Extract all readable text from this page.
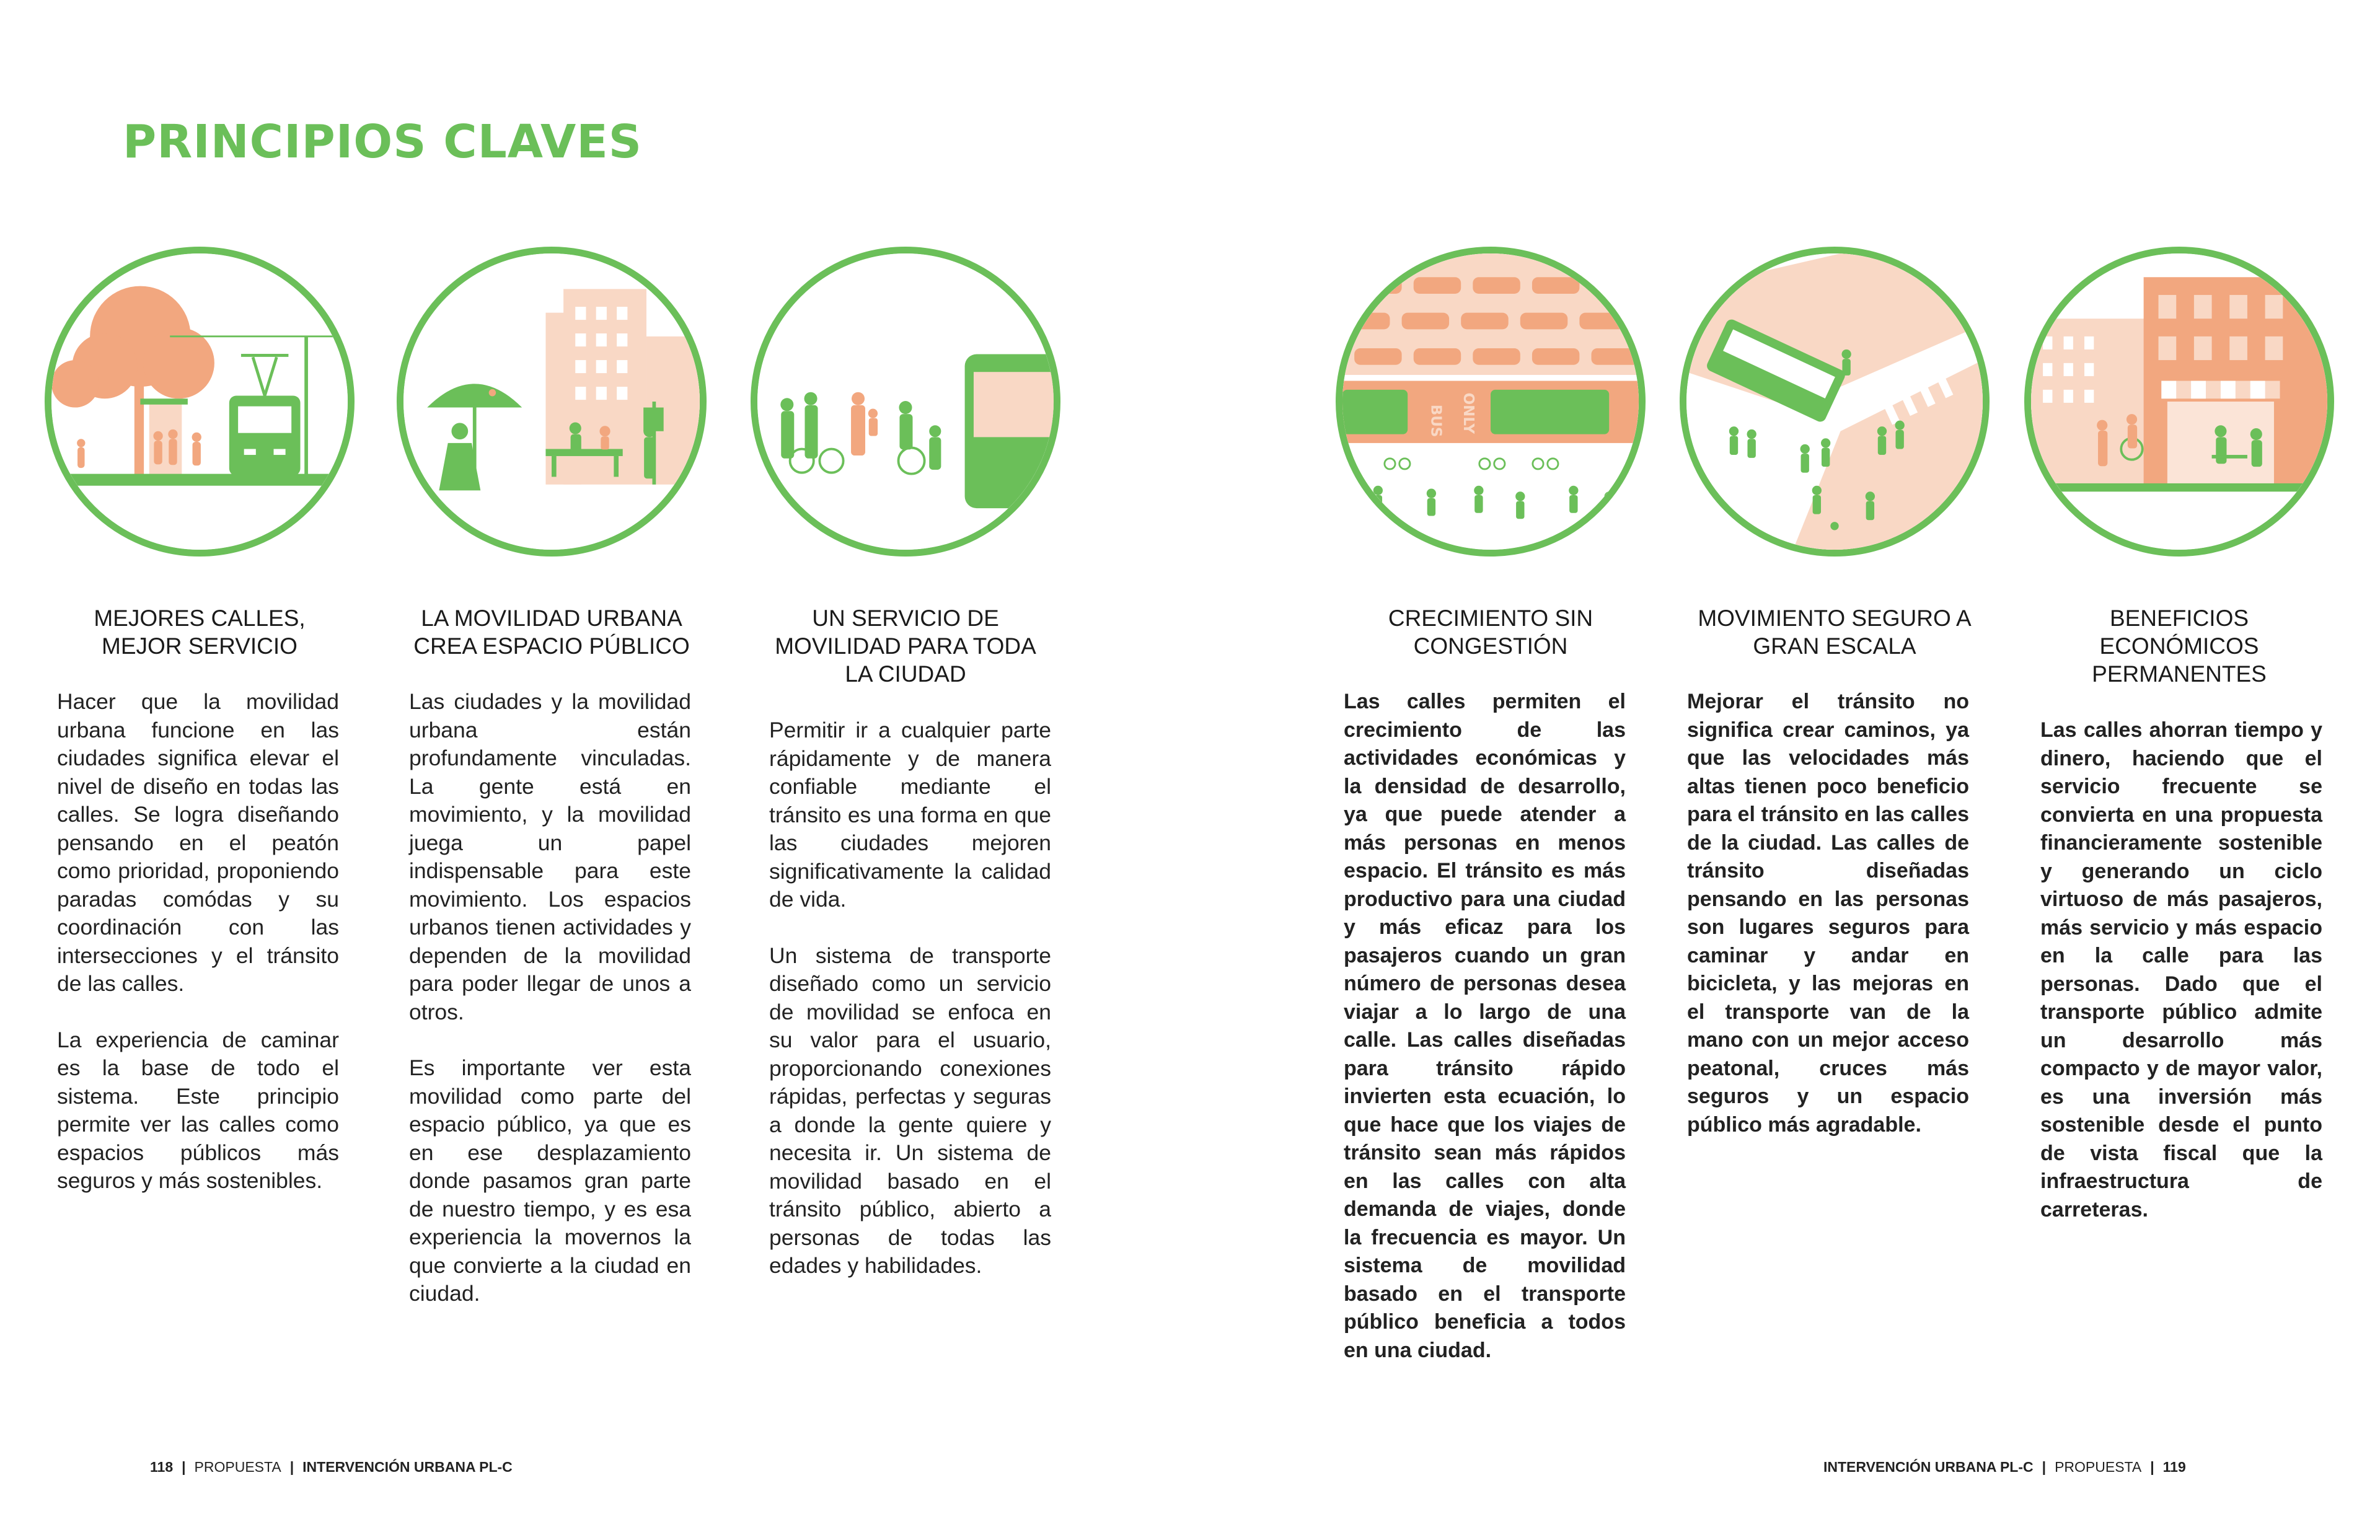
PRINCIPIOS CLAVES
BUS ONLY
MEJORES CALLES,
MEJOR SERVICIO
LA MOVILIDAD URBANA
CREA ESPACIO PÚBLICO
UN SERVICIO DE
MOVILIDAD PARA TODA
LA CIUDAD
CRECIMIENTO SIN
CONGESTIÓN
MOVIMIENTO SEGURO A
GRAN ESCALA
BENEFICIOS
ECONÓMICOS
PERMANENTES

Hacer que la movilidad urbana funcione en las ciudades significa elevar el nivel de diseño en todas las calles. Se logra diseñando pensando en el peatón como prioridad, proponiendo paradas comódas y su coordinación con las intersecciones y el tránsito de las calles.

La experiencia de caminar es la base de todo el sistema. Este principio permite ver las calles como espacios públicos más seguros y más sostenibles.

Las ciudades y la movilidad urbana están profundamente vinculadas. La gente está en movimiento, y la movilidad juega un papel indispensable para este movimiento. Los espacios urbanos tienen actividades y dependen de la movilidad para poder llegar de unos a otros.

Es importante ver esta movilidad como parte del espacio público, ya que es en ese desplazamiento donde pasamos gran parte de nuestro tiempo, y es esa experiencia la movernos la que convierte a la ciudad en ciudad.

Permitir ir a cualquier parte rápidamente y de manera confiable mediante el tránsito es una forma en que las ciudades mejoren significativamente la calidad de vida.

Un sistema de transporte diseñado como un servicio de movilidad se enfoca en su valor para el usuario, proporcionando conexiones rápidas, perfectas y seguras a donde la gente quiere y necesita ir. Un sistema de movilidad basado en el tránsito público, abierto a personas de todas las edades y habilidades.

Las calles permiten el crecimiento de las actividades económicas y la densidad de desarrollo, ya que puede atender a más personas en menos espacio. El tránsito es más productivo para una ciudad y más eficaz para los pasajeros cuando un gran número de personas desea viajar a lo largo de una calle. Las calles diseñadas para tránsito rápido invierten esta ecuación, lo que hace que los viajes de tránsito sean más rápidos en las calles con alta demanda de viajes, donde la frecuencia es mayor. Un sistema de movilidad basado en el transporte público beneficia a todos en una ciudad.

Mejorar el tránsito no significa crear caminos, ya que las velocidades más altas tienen poco beneficio para el tránsito en las calles de la ciudad. Las calles de tránsito diseñadas pensando en las personas son lugares seguros para caminar y andar en bicicleta, y las mejoras en el transporte van de la mano con un mejor acceso peatonal, cruces más seguros y un espacio público más agradable.

Las calles ahorran tiempo y dinero, haciendo que el servicio frecuente se convierta en una propuesta financieramente sostenible y generando un ciclo virtuoso de más pasajeros, más servicio y más espacio en la calle para las personas. Dado que el transporte público admite un desarrollo más compacto y de mayor valor, es una inversión más sostenible desde el punto de vista fiscal que la infraestructura de carreteras.

118 | PROPUESTA | INTERVENCIÓN URBANA PL-C	INTERVENCIÓN URBANA PL-C | PROPUESTA | 119
